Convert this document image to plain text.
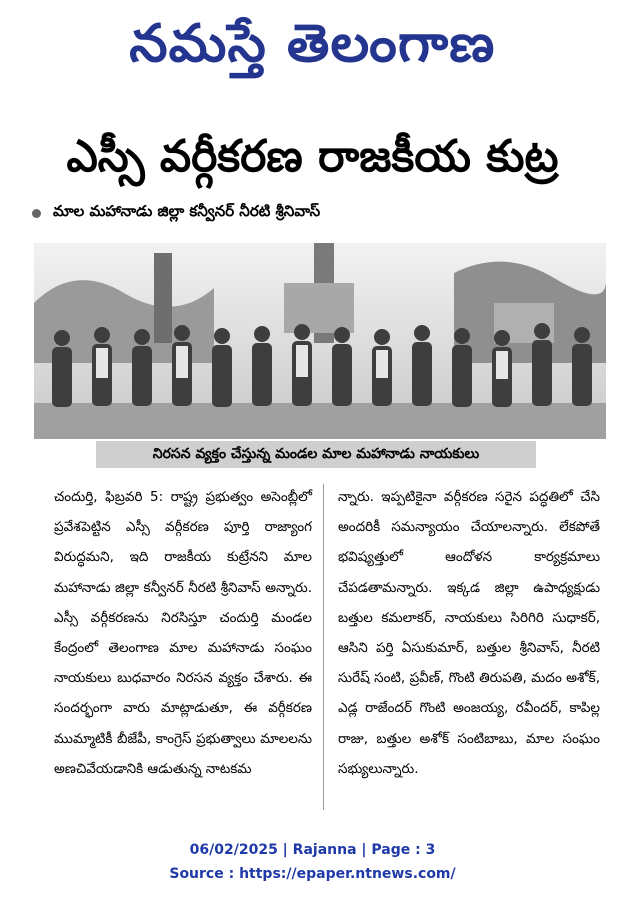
నమస్తే తెలంగాణ
ఎస్సీ వర్గీకరణ రాజకీయ కుట్ర
మాల మహానాడు జిల్లా కన్వీనర్ నీరటి శ్రీనివాస్
నిరసన వ్యక్తం చేస్తున్న మండల మాల మహానాడు నాయకులు
చందుర్తి, ఫిబ్రవరి 5: రాష్ట్ర ప్రభుత్వం అసెంబ్లీలో ప్రవేశపెట్టిన ఎస్సీ వర్గీకరణ పూర్తి రాజ్యాంగ విరుద్ధమని, ఇది రాజకీయ కుట్రేనని మాల మహానాడు జిల్లా కన్వీనర్ నీరటి శ్రీనివాస్ అన్నారు. ఎస్సీ వర్గీకరణను నిరసిస్తూ చందుర్తి మండల కేంద్రంలో తెలంగాణ మాల మహానాడు సంఘం నాయకులు బుధవారం నిరసన వ్యక్తం చేశారు. ఈ సందర్భంగా వారు మాట్లాడుతూ, ఈ వర్గీకరణ ముమ్మాటికీ బీజేపీ, కాంగ్రెస్ ప్రభుత్వాలు మాలలను అణచివేయడానికి ఆడుతున్న నాటకమ
న్నారు. ఇప్పటికైనా వర్గీకరణ సరైన పద్ధతిలో చేసి అందరికీ సమన్యాయం చేయాలన్నారు. లేకపోతే భవిష్యత్తులో ఆందోళన కార్యక్రమాలు చేపడతామన్నారు. ఇక్కడ జిల్లా ఉపాధ్యక్షుడు బత్తుల కమలాకర్, నాయకులు సిరిగిరి సుధాకర్, ఆసిని పర్తి ఏసుకుమార్, బత్తుల శ్రీనివాస్, నీరటి సురేష్ సంటి, ప్రవీణ్, గొంటి తిరుపతి, మదం అశోక్, ఎడ్ల రాజేందర్ గొంటి అంజయ్య, రవీందర్, కాపిల్ల రాజు, బత్తుల అశోక్ సంటిబాబు, మాల సంఘం సభ్యులున్నారు.
06/02/2025 | Rajanna | Page : 3
Source : https://epaper.ntnews.com/
